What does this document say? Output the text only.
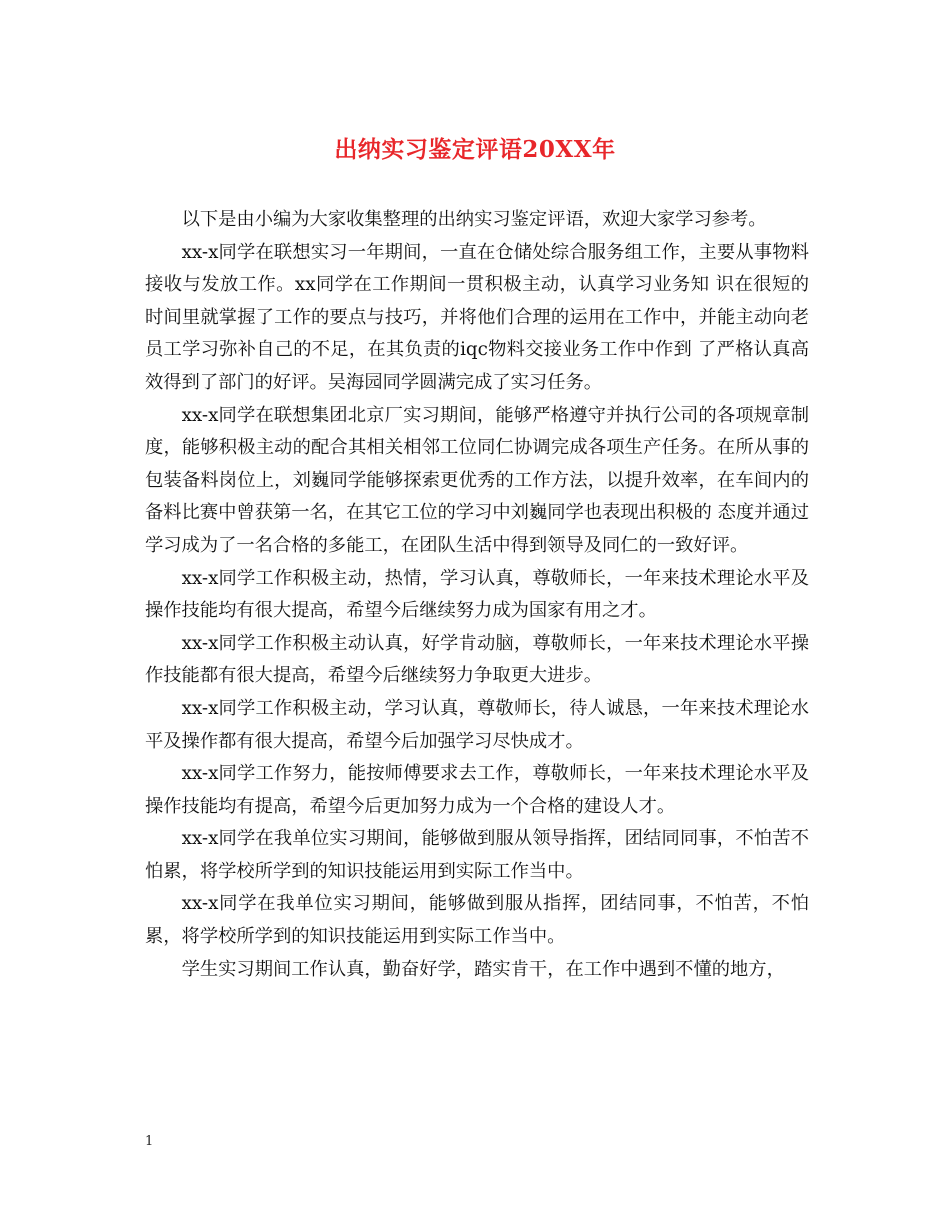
出纳实习鉴定评语20XX年

以下是由小编为大家收集整理的出纳实习鉴定评语，欢迎大家学习参考。

xx-x同学在联想实习一年期间，一直在仓储处综合服务组工作，主要从事物料接收与发放工作。xx同学在工作期间一贯积极主动，认真学习业务知 识在很短的时间里就掌握了工作的要点与技巧，并将他们合理的运用在工作中，并能主动向老员工学习弥补自己的不足，在其负责的iqc物料交接业务工作中作到 了严格认真高效得到了部门的好评。吴海园同学圆满完成了实习任务。

xx-x同学在联想集团北京厂实习期间，能够严格遵守并执行公司的各项规章制度，能够积极主动的配合其相关相邻工位同仁协调完成各项生产任务。在所从事的包装备料岗位上，刘巍同学能够探索更优秀的工作方法，以提升效率，在车间内的备料比赛中曾获第一名，在其它工位的学习中刘巍同学也表现出积极的 态度并通过学习成为了一名合格的多能工，在团队生活中得到领导及同仁的一致好评。

xx-x同学工作积极主动，热情，学习认真，尊敬师长，一年来技术理论水平及操作技能均有很大提高，希望今后继续努力成为国家有用之才。

xx-x同学工作积极主动认真，好学肯动脑，尊敬师长，一年来技术理论水平操作技能都有很大提高，希望今后继续努力争取更大进步。

xx-x同学工作积极主动，学习认真，尊敬师长，待人诚恳，一年来技术理论水平及操作都有很大提高，希望今后加强学习尽快成才。

xx-x同学工作努力，能按师傅要求去工作，尊敬师长，一年来技术理论水平及操作技能均有提高，希望今后更加努力成为一个合格的建设人才。

xx-x同学在我单位实习期间，能够做到服从领导指挥，团结同同事，不怕苦不怕累，将学校所学到的知识技能运用到实际工作当中。

xx-x同学在我单位实习期间，能够做到服从指挥，团结同事，不怕苦，不怕累，将学校所学到的知识技能运用到实际工作当中。

学生实习期间工作认真，勤奋好学，踏实肯干，在工作中遇到不懂的地方，

1
